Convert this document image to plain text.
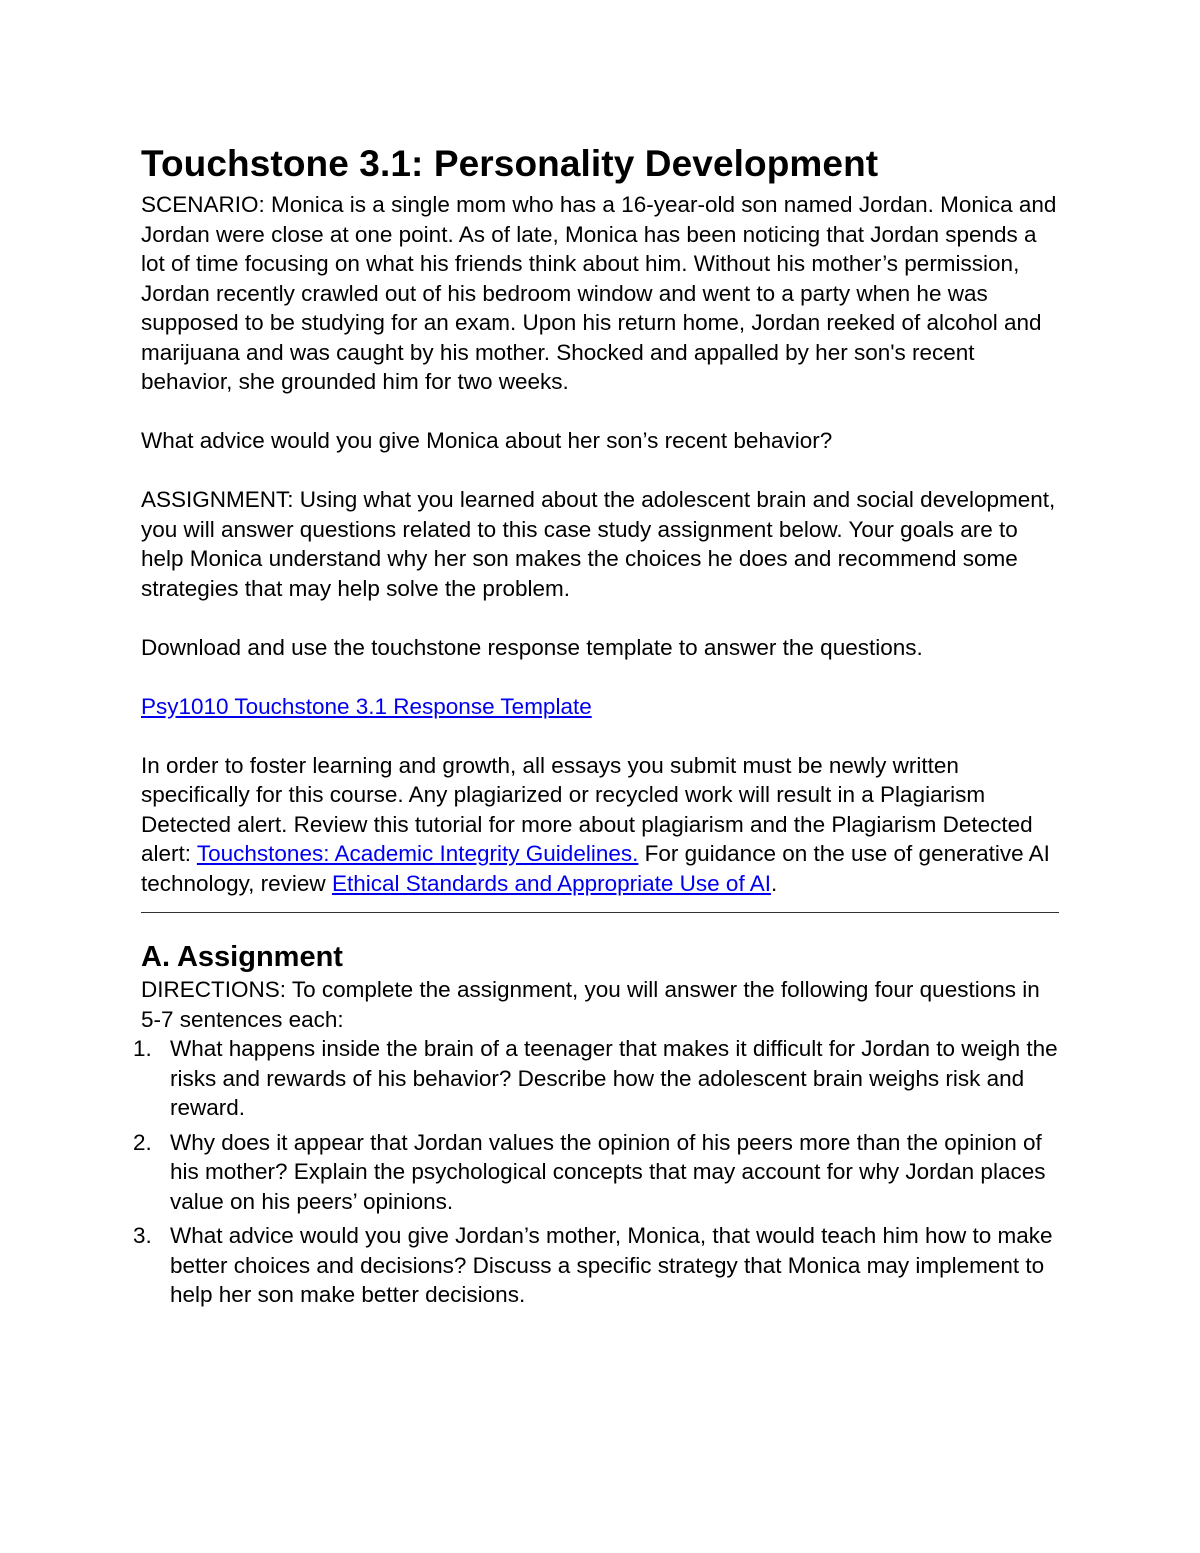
Touchstone 3.1: Personality Development

SCENARIO: Monica is a single mom who has a 16-year-old son named Jordan. Monica and Jordan were close at one point. As of late, Monica has been noticing that Jordan spends a lot of time focusing on what his friends think about him. Without his mother’s permission, Jordan recently crawled out of his bedroom window and went to a party when he was supposed to be studying for an exam. Upon his return home, Jordan reeked of alcohol and marijuana and was caught by his mother. Shocked and appalled by her son's recent behavior, she grounded him for two weeks.

What advice would you give Monica about her son’s recent behavior?

ASSIGNMENT: Using what you learned about the adolescent brain and social development, you will answer questions related to this case study assignment below. Your goals are to help Monica understand why her son makes the choices he does and recommend some strategies that may help solve the problem.

Download and use the touchstone response template to answer the questions.

Psy1010 Touchstone 3.1 Response Template

In order to foster learning and growth, all essays you submit must be newly written specifically for this course. Any plagiarized or recycled work will result in a Plagiarism Detected alert. Review this tutorial for more about plagiarism and the Plagiarism Detected alert: Touchstones: Academic Integrity Guidelines. For guidance on the use of generative AI technology, review Ethical Standards and Appropriate Use of AI.

A. Assignment

DIRECTIONS: To complete the assignment, you will answer the following four questions in 5-7 sentences each:

1. What happens inside the brain of a teenager that makes it difficult for Jordan to weigh the risks and rewards of his behavior? Describe how the adolescent brain weighs risk and reward.
2. Why does it appear that Jordan values the opinion of his peers more than the opinion of his mother? Explain the psychological concepts that may account for why Jordan places value on his peers’ opinions.
3. What advice would you give Jordan’s mother, Monica, that would teach him how to make better choices and decisions? Discuss a specific strategy that Monica may implement to help her son make better decisions.
